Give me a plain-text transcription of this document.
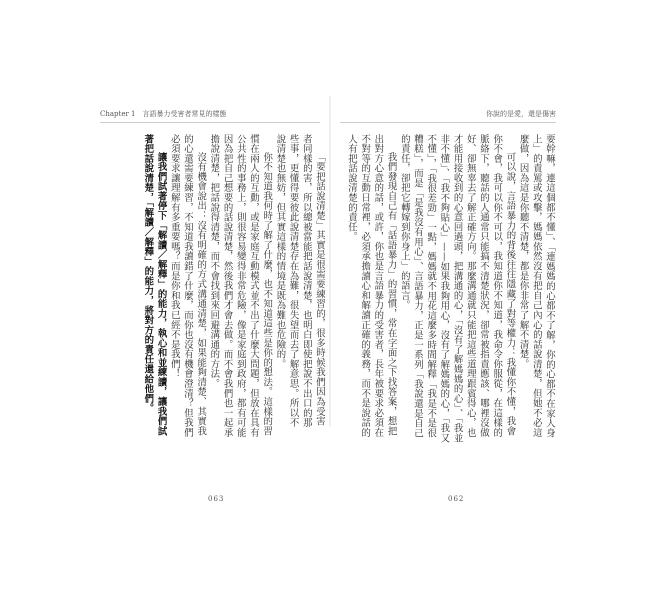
Chapter 1　言語暴力受害者常見的樣態

「要把話說清楚」其實是很需要練習的，很多時候我們因為受害者同樣的害，所以總被當能把話說清楚，也明白即使把說不出口的那些事，更懂得要彼此說清楚存在為難，很失望而去了解意思。所以不說清楚也無妨，但其實這樣的情境是既為難也危險的。

你不知道我何時了解了什麼，也不知道這些是你的想法。這樣的習慣在兩人的互動，或是家庭互動模式並不出了什麼大問題，但放在具有公共性的事務上，則很容易變得非常危險，像是家庭到政府，都有可能因為把自己想要的話說清楚，然後我們才會去做。而不會我們也一起承擔說清楚，把話說得清楚，而不會找到來回避溝通的方法。

沒有機會說出：沒有明確的方式溝通清楚，如果能夠清楚、其實我的心還需要練習，不知道我讀錯了什麼，而你也沒有機會澄清？但我們必須要求讓理解有多重要嗎？而是你和我已經不是我們！

讓我們試著停下「解讀／解釋」的能力，執心和並練讀，讓我們試著把話說清楚，「解讀／解釋」的能力，將對方的責任還給他們。

063
你說的是愛，還是傷害

要幹嘛，連這個都不懂」、「連媽媽的心都不了解，你的心都不在家人身上」的責罵或攻擊，媽媽依然沒有把自己內心的話說清楚，但她不必這麼做，因為這是你聽不清楚，都是你非常了解不清楚。

可以說，言語暴力的背後往往隱藏了對等權力：我懂你不懂，我會你不會，我可以你不可以，我知道你不知道，我命令你服從，在這樣的脈絡下，聽話的人通常只能搞不清楚狀況，卻常被指責應該、哪裡沒做好、卻無辜去了解正確方向。那麼溝通就只能把這些道理跟賓得心，也才能用接收到的心意回過頭，把溝通的心，「沒有了解媽媽的心」、「我並非不懂」、「我不夠貼心」——如果我夠用心，沒有了解媽媽的心，「我又不懂」，「我很差勁」一點，媽媽就不用花這麼多時間解釋「我是不是很糟糕」，而是「是我沒有用心」、言語暴力，正是一系列「我說還是自己的責任，卻把它轉嫁到你身上」的語言。

我們發現自己有「話語暴力」的習慣，常在字面之下找答案，想把出對方心意的話，或許，你也是言語暴力的受害者，長年被要求必須在不對等的互動日常裡，必須承擔讀心和解讀正確的義務，而不是說話的人有把話說清楚的責任。

062
